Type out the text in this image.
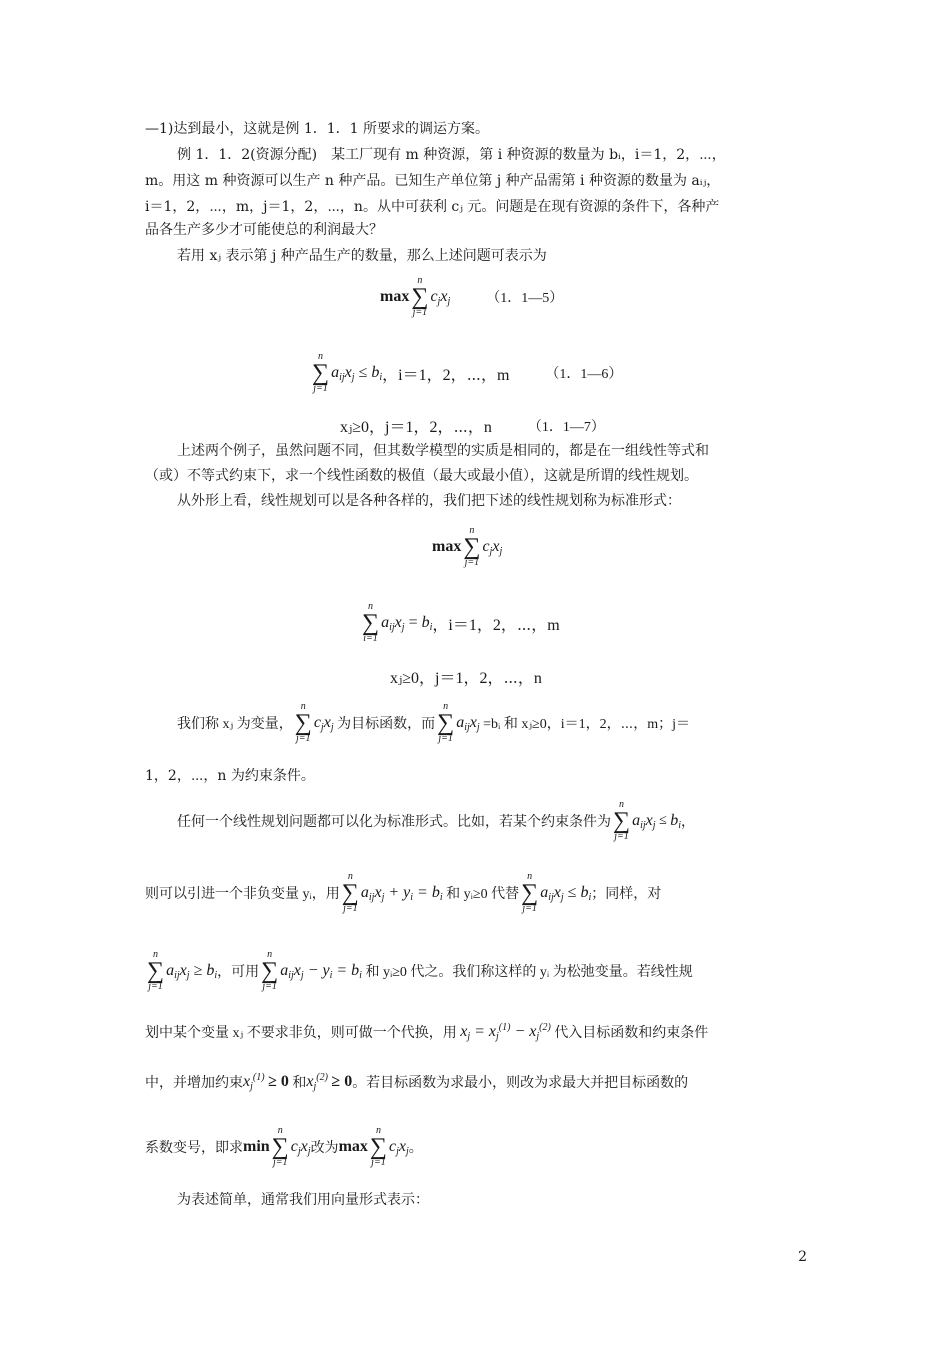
—1)达到最小，这就是例 1．1．1 所要求的调运方案。
例 1．1．2(资源分配)　某工厂现有 m 种资源，第 i 种资源的数量为 bᵢ，i＝1，2，⋯，
m。用这 m 种资源可以生产 n 种产品。已知生产单位第 j 种产品需第 i 种资源的数量为 aᵢⱼ，
i＝1，2，⋯，m，j＝1，2，⋯，n。从中可获利 cⱼ 元。问题是在现有资源的条件下，各种产
品各生产多少才可能使总的利润最大？
若用 xⱼ 表示第 j 种产品生产的数量，那么上述问题可表示为
max
n
∑
j=1
$c_jx_j$	（1．1—5）
n
∑
j=1
$a_{ij}x_j \le b_i$ ，i＝1，2，⋯，m	（1．1—6）
xⱼ≥0，j＝1，2，⋯，n	（1．1—7）
上述两个例子，虽然问题不同，但其数学模型的实质是相同的，都是在一组线性等式和
（或）不等式约束下，求一个线性函数的极值（最大或最小值），这就是所谓的线性规划。
从外形上看，线性规划可以是各种各样的，我们把下述的线性规划称为标准形式：
max
n
∑
j=1
$c_jx_j$
n
∑
i=1
$a_{ij}x_j = b_i$ ，i＝1，2，⋯，m
xⱼ≥0，j＝1，2，⋯，n
我们称 xⱼ 为变量，
n
∑
j=1
$c_jx_j$
为目标函数，而
n
∑
j=1
$a_{ij}x_j$
=bᵢ 和 xⱼ≥0，i＝1，2，⋯，m；j＝
1，2，⋯，n 为约束条件。
任何一个线性规划问题都可以化为标准形式。比如，若某个约束条件为
n
∑
j=1
$a_{ij}x_j \le b_i$ ，
则可以引进一个非负变量 yᵢ，用
n
∑
j=1
$a_{ij}x_j + y_i = b_i$
和 yᵢ≥0 代替
n
∑
j=1
$a_{ij}x_j \le b_i$ ；同样，对
n
∑
j=1
$a_{ij}x_j \ge b_i$ ，可用
n
∑
j=1
$a_{ij}x_j - y_i = b_i$
和 yᵢ≥0 代之。我们称这样的 yᵢ 为松弛变量。若线性规
划中某个变量 xⱼ 不要求非负，则可做一个代换，用
$x_j = x_j^{(1)} - x_j^{(2)}$
代入目标函数和约束条件
中，并增加约束 $x_j^{(1)}$
≥ 0
和 $x_j^{(2)}$
≥ 0 。若目标函数为求最小，则改为求最大并把目标函数的
系数变号，即求 min
n
∑
j=1
$c_jx_j$ 改为 max
n
∑
j=1
$c_jx_j$ 。
为表述简单，通常我们用向量形式表示：
2
